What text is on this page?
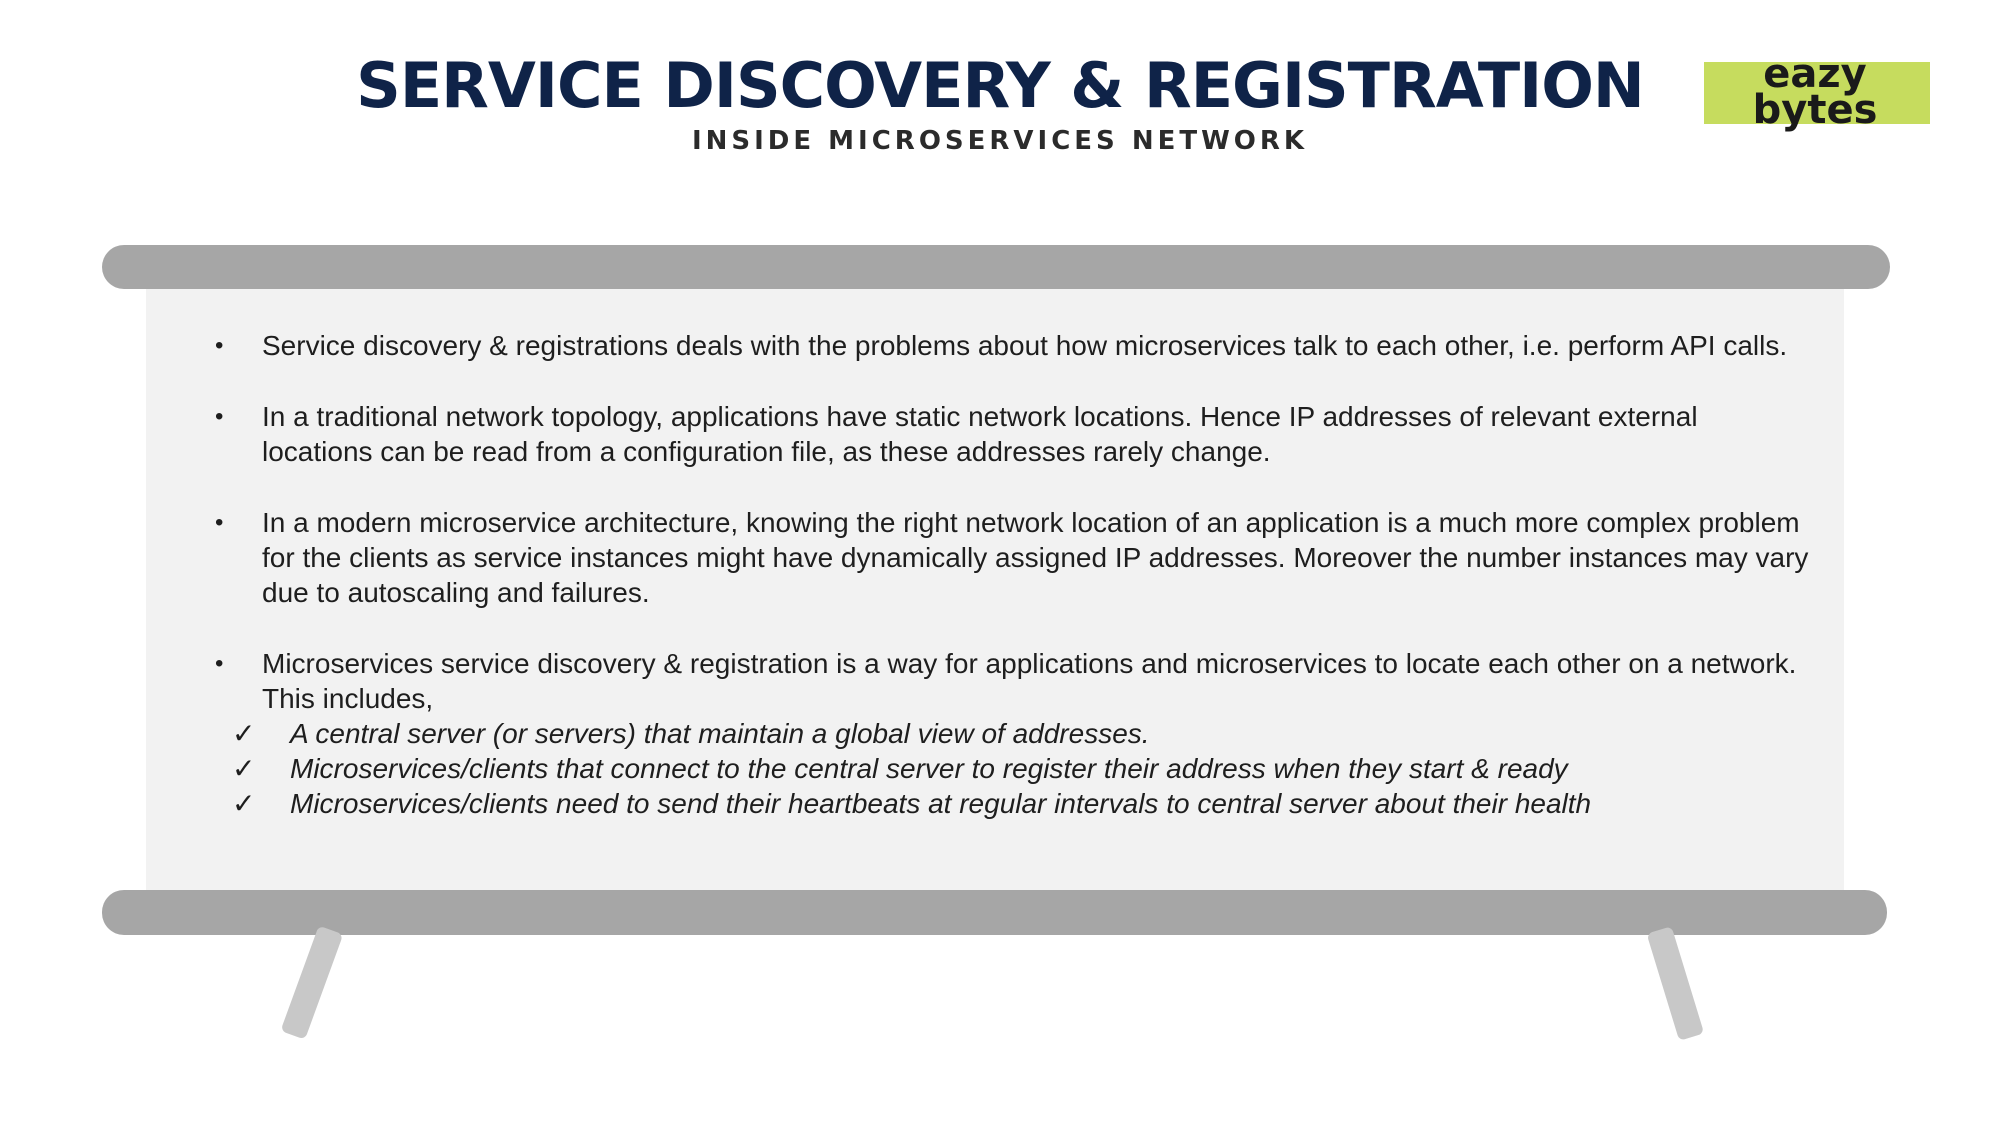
SERVICE DISCOVERY & REGISTRATION

INSIDE MICROSERVICES NETWORK

eazy
bytes
• Service discovery & registrations deals with the problems about how microservices talk to each other, i.e. perform API calls.
• In a traditional network topology, applications have static network locations. Hence IP addresses of relevant external locations can be read from a configuration file, as these addresses rarely change.
• In a modern microservice architecture, knowing the right network location of an application is a much more complex problem for the clients as service instances might have dynamically assigned IP addresses. Moreover the number instances may vary due to autoscaling and failures.
• Microservices service discovery & registration is a way for applications and microservices to locate each other on a network. This includes,
✓ A central server (or servers) that maintain a global view of addresses.
✓ Microservices/clients that connect to the central server to register their address when they start & ready
✓ Microservices/clients need to send their heartbeats at regular intervals to central server about their health
